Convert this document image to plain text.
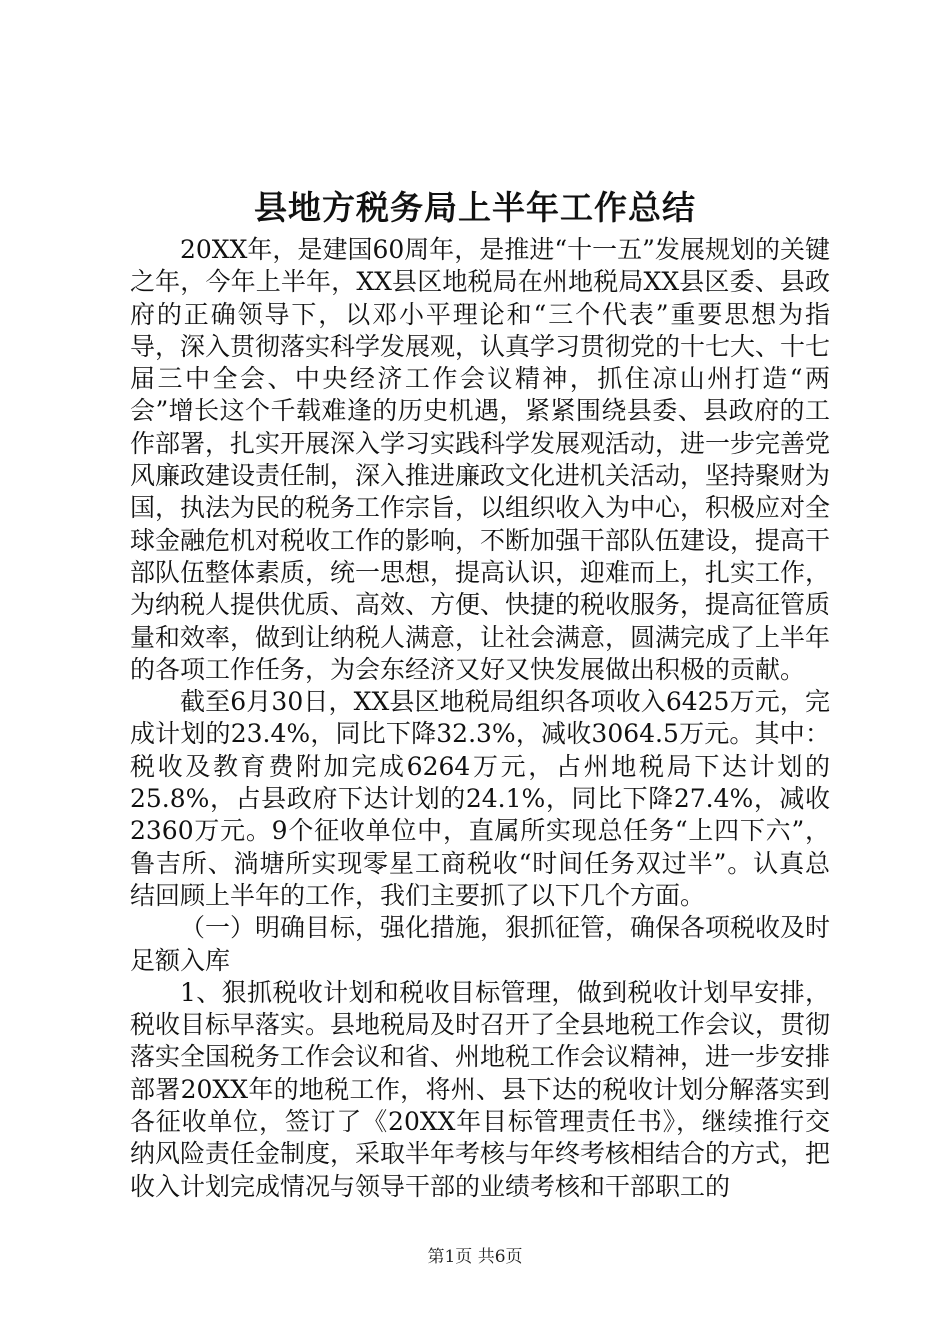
县地方税务局上半年工作总结

20XX年，是建国60周年，是推进“十一五”发展规划的关键之年，今年上半年，XX县区地税局在州地税局XX县区委、县政府的正确领导下，以邓小平理论和“三个代表”重要思想为指导，深入贯彻落实科学发展观，认真学习贯彻党的十七大、十七届三中全会、中央经济工作会议精神，抓住凉山州打造“两会”增长这个千载难逢的历史机遇，紧紧围绕县委、县政府的工作部署，扎实开展深入学习实践科学发展观活动，进一步完善党风廉政建设责任制，深入推进廉政文化进机关活动，坚持聚财为国，执法为民的税务工作宗旨，以组织收入为中心，积极应对全球金融危机对税收工作的影响，不断加强干部队伍建设，提高干部队伍整体素质，统一思想，提高认识，迎难而上，扎实工作，为纳税人提供优质、高效、方便、快捷的税收服务，提高征管质量和效率，做到让纳税人满意，让社会满意，圆满完成了上半年的各项工作任务，为会东经济又好又快发展做出积极的贡献。

截至6月30日，XX县区地税局组织各项收入6425万元，完成计划的23.4%，同比下降32.3%，减收3064.5万元。其中：税收及教育费附加完成6264万元，占州地税局下达计划的25.8%，占县政府下达计划的24.1%，同比下降27.4%，减收2360万元。9个征收单位中，直属所实现总任务“上四下六”，鲁吉所、淌塘所实现零星工商税收“时间任务双过半”。认真总结回顾上半年的工作，我们主要抓了以下几个方面。

（一）明确目标，强化措施，狠抓征管，确保各项税收及时足额入库

1、狠抓税收计划和税收目标管理，做到税收计划早安排，税收目标早落实。县地税局及时召开了全县地税工作会议，贯彻落实全国税务工作会议和省、州地税工作会议精神，进一步安排部署20XX年的地税工作，将州、县下达的税收计划分解落实到各征收单位，签订了《20XX年目标管理责任书》，继续推行交纳风险责任金制度，采取半年考核与年终考核相结合的方式，把收入计划完成情况与领导干部的业绩考核和干部职工的

第1页 共6页
